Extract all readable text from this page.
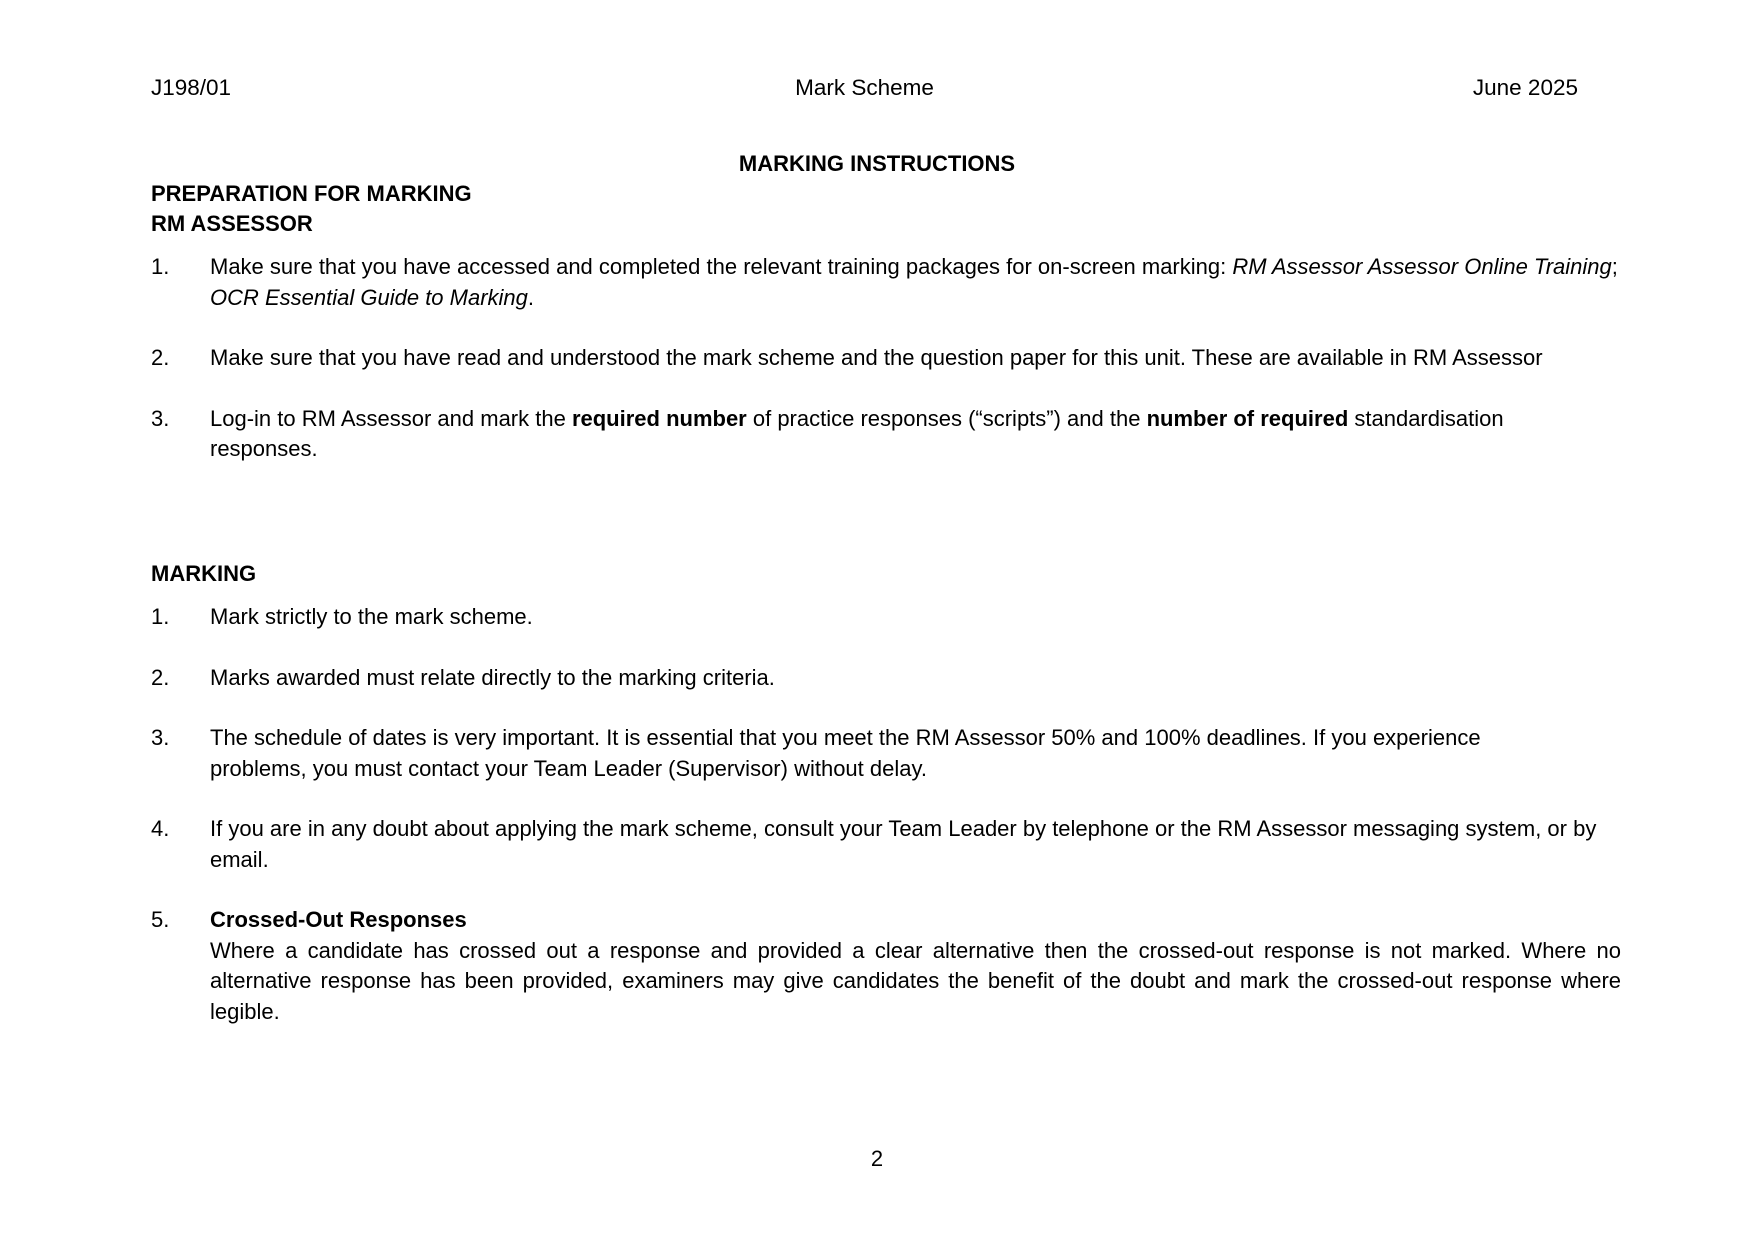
J198/01	Mark Scheme	June 2025
MARKING INSTRUCTIONS
PREPARATION FOR MARKING
RM ASSESSOR
1.	Make sure that you have accessed and completed the relevant training packages for on-screen marking: RM Assessor Assessor Online Training;
OCR Essential Guide to Marking.
2.	Make sure that you have read and understood the mark scheme and the question paper for this unit. These are available in RM Assessor
3.	Log-in to RM Assessor and mark the required number of practice responses (“scripts”) and the number of required standardisation responses.
MARKING
1.	Mark strictly to the mark scheme.
2.	Marks awarded must relate directly to the marking criteria.
3.	The schedule of dates is very important. It is essential that you meet the RM Assessor 50% and 100% deadlines. If you experience problems, you must contact your Team Leader (Supervisor) without delay.
4.	If you are in any doubt about applying the mark scheme, consult your Team Leader by telephone or the RM Assessor messaging system, or by email.
5.	Crossed-Out Responses
Where a candidate has crossed out a response and provided a clear alternative then the crossed-out response is not marked. Where no alternative response has been provided, examiners may give candidates the benefit of the doubt and mark the crossed-out response where legible.
2
